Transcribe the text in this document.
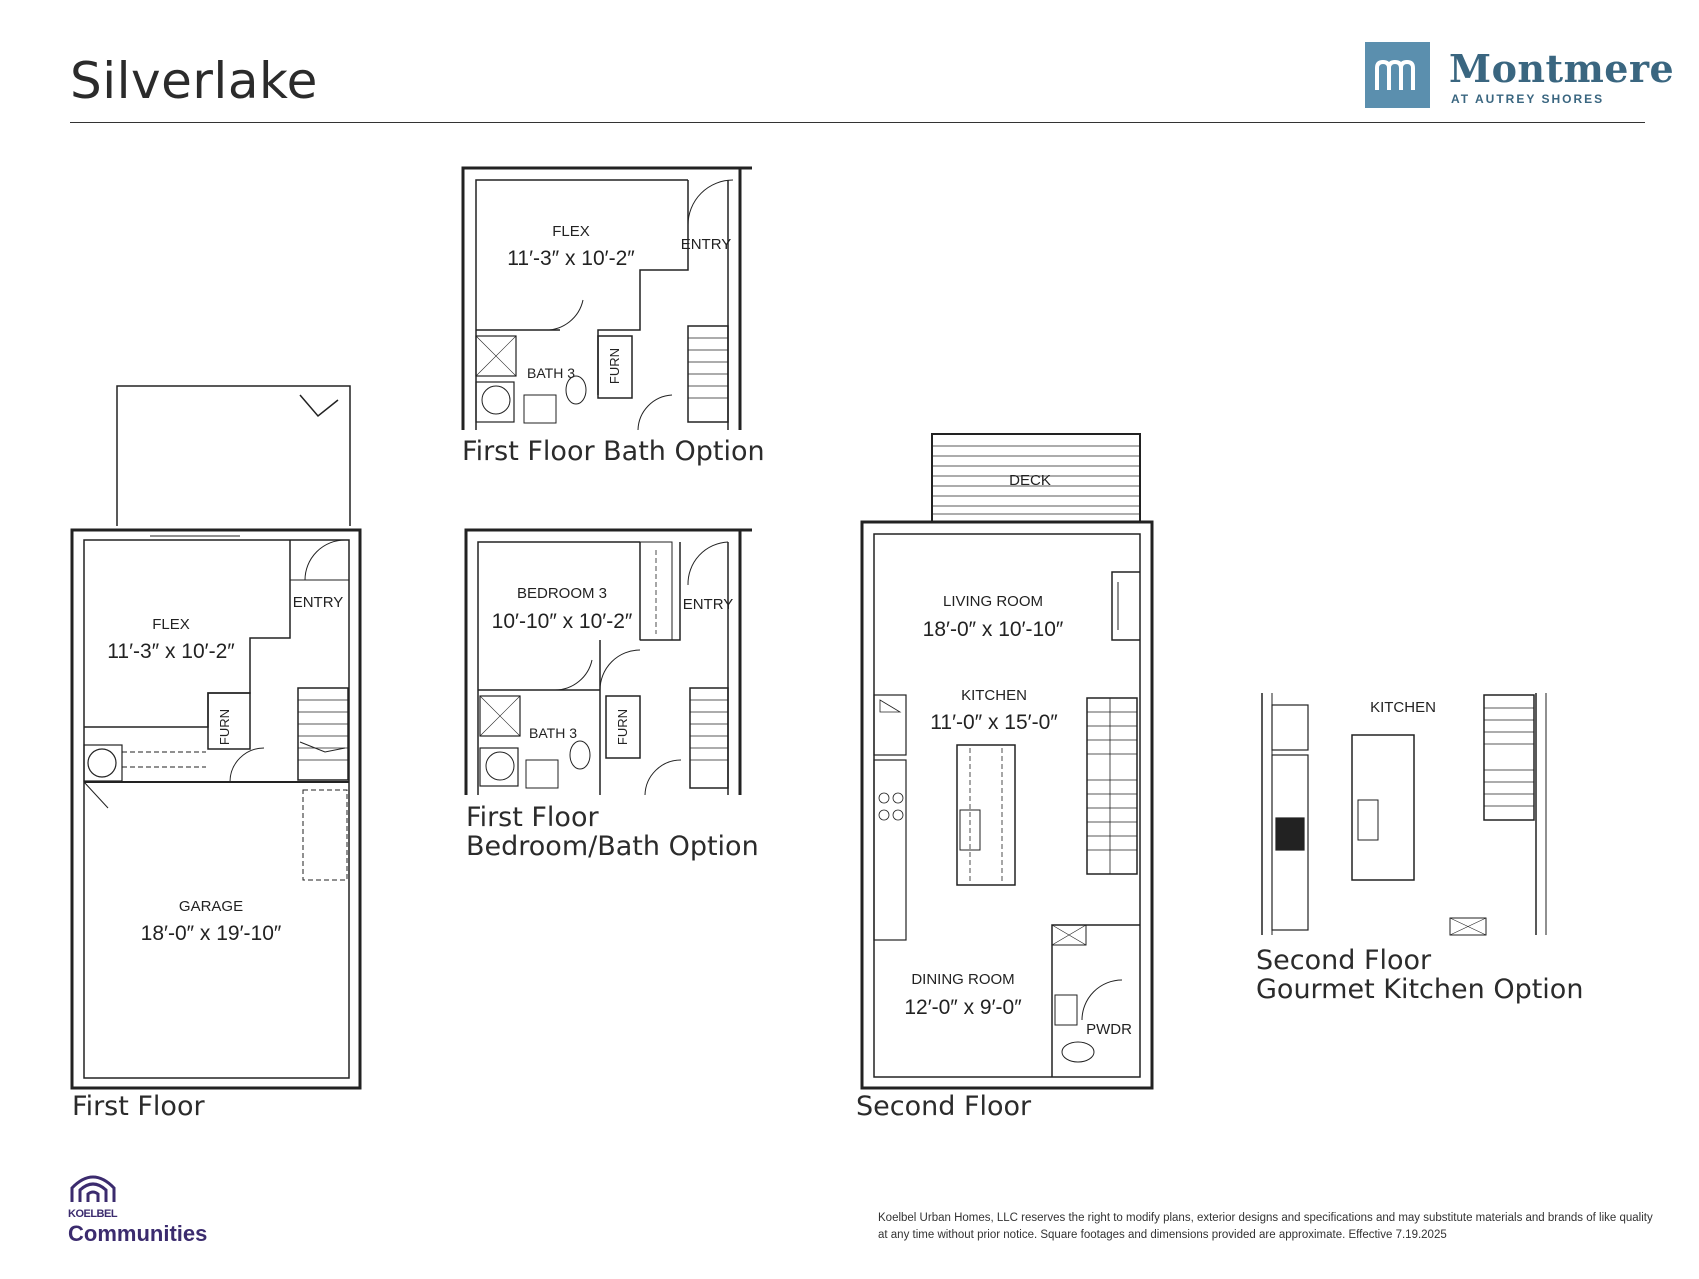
Silverlake	Montmere
AT AUTREY SHORES
FLEX
11′-3″ x 10′-2″
ENTRY
FURN
GARAGE
18′-0″ x 19′-10″
FLEX
11′-3″ x 10′-2″
ENTRY
BATH 3 FURN
BEDROOM 3
10′-10″ x 10′-2″
ENTRY
BATH 3	FURN
DECK
LIVING ROOM
18′-0″ x 10′-10″
KITCHEN
11′-0″ x 15′-0″
DINING ROOM
12′-0″ x 9′-0″
PWDR
KITCHEN
First Floor
First Floor Bath Option
First Floor
Bedroom/Bath Option
Second Floor
Second Floor
Gourmet Kitchen Option
KOELBEL
Communities
Koelbel Urban Homes, LLC reserves the right to modify plans, exterior designs and specifications and may substitute materials and brands of like quality at any time without prior notice. Square footages and dimensions provided are approximate. Effective 7.19.2025
